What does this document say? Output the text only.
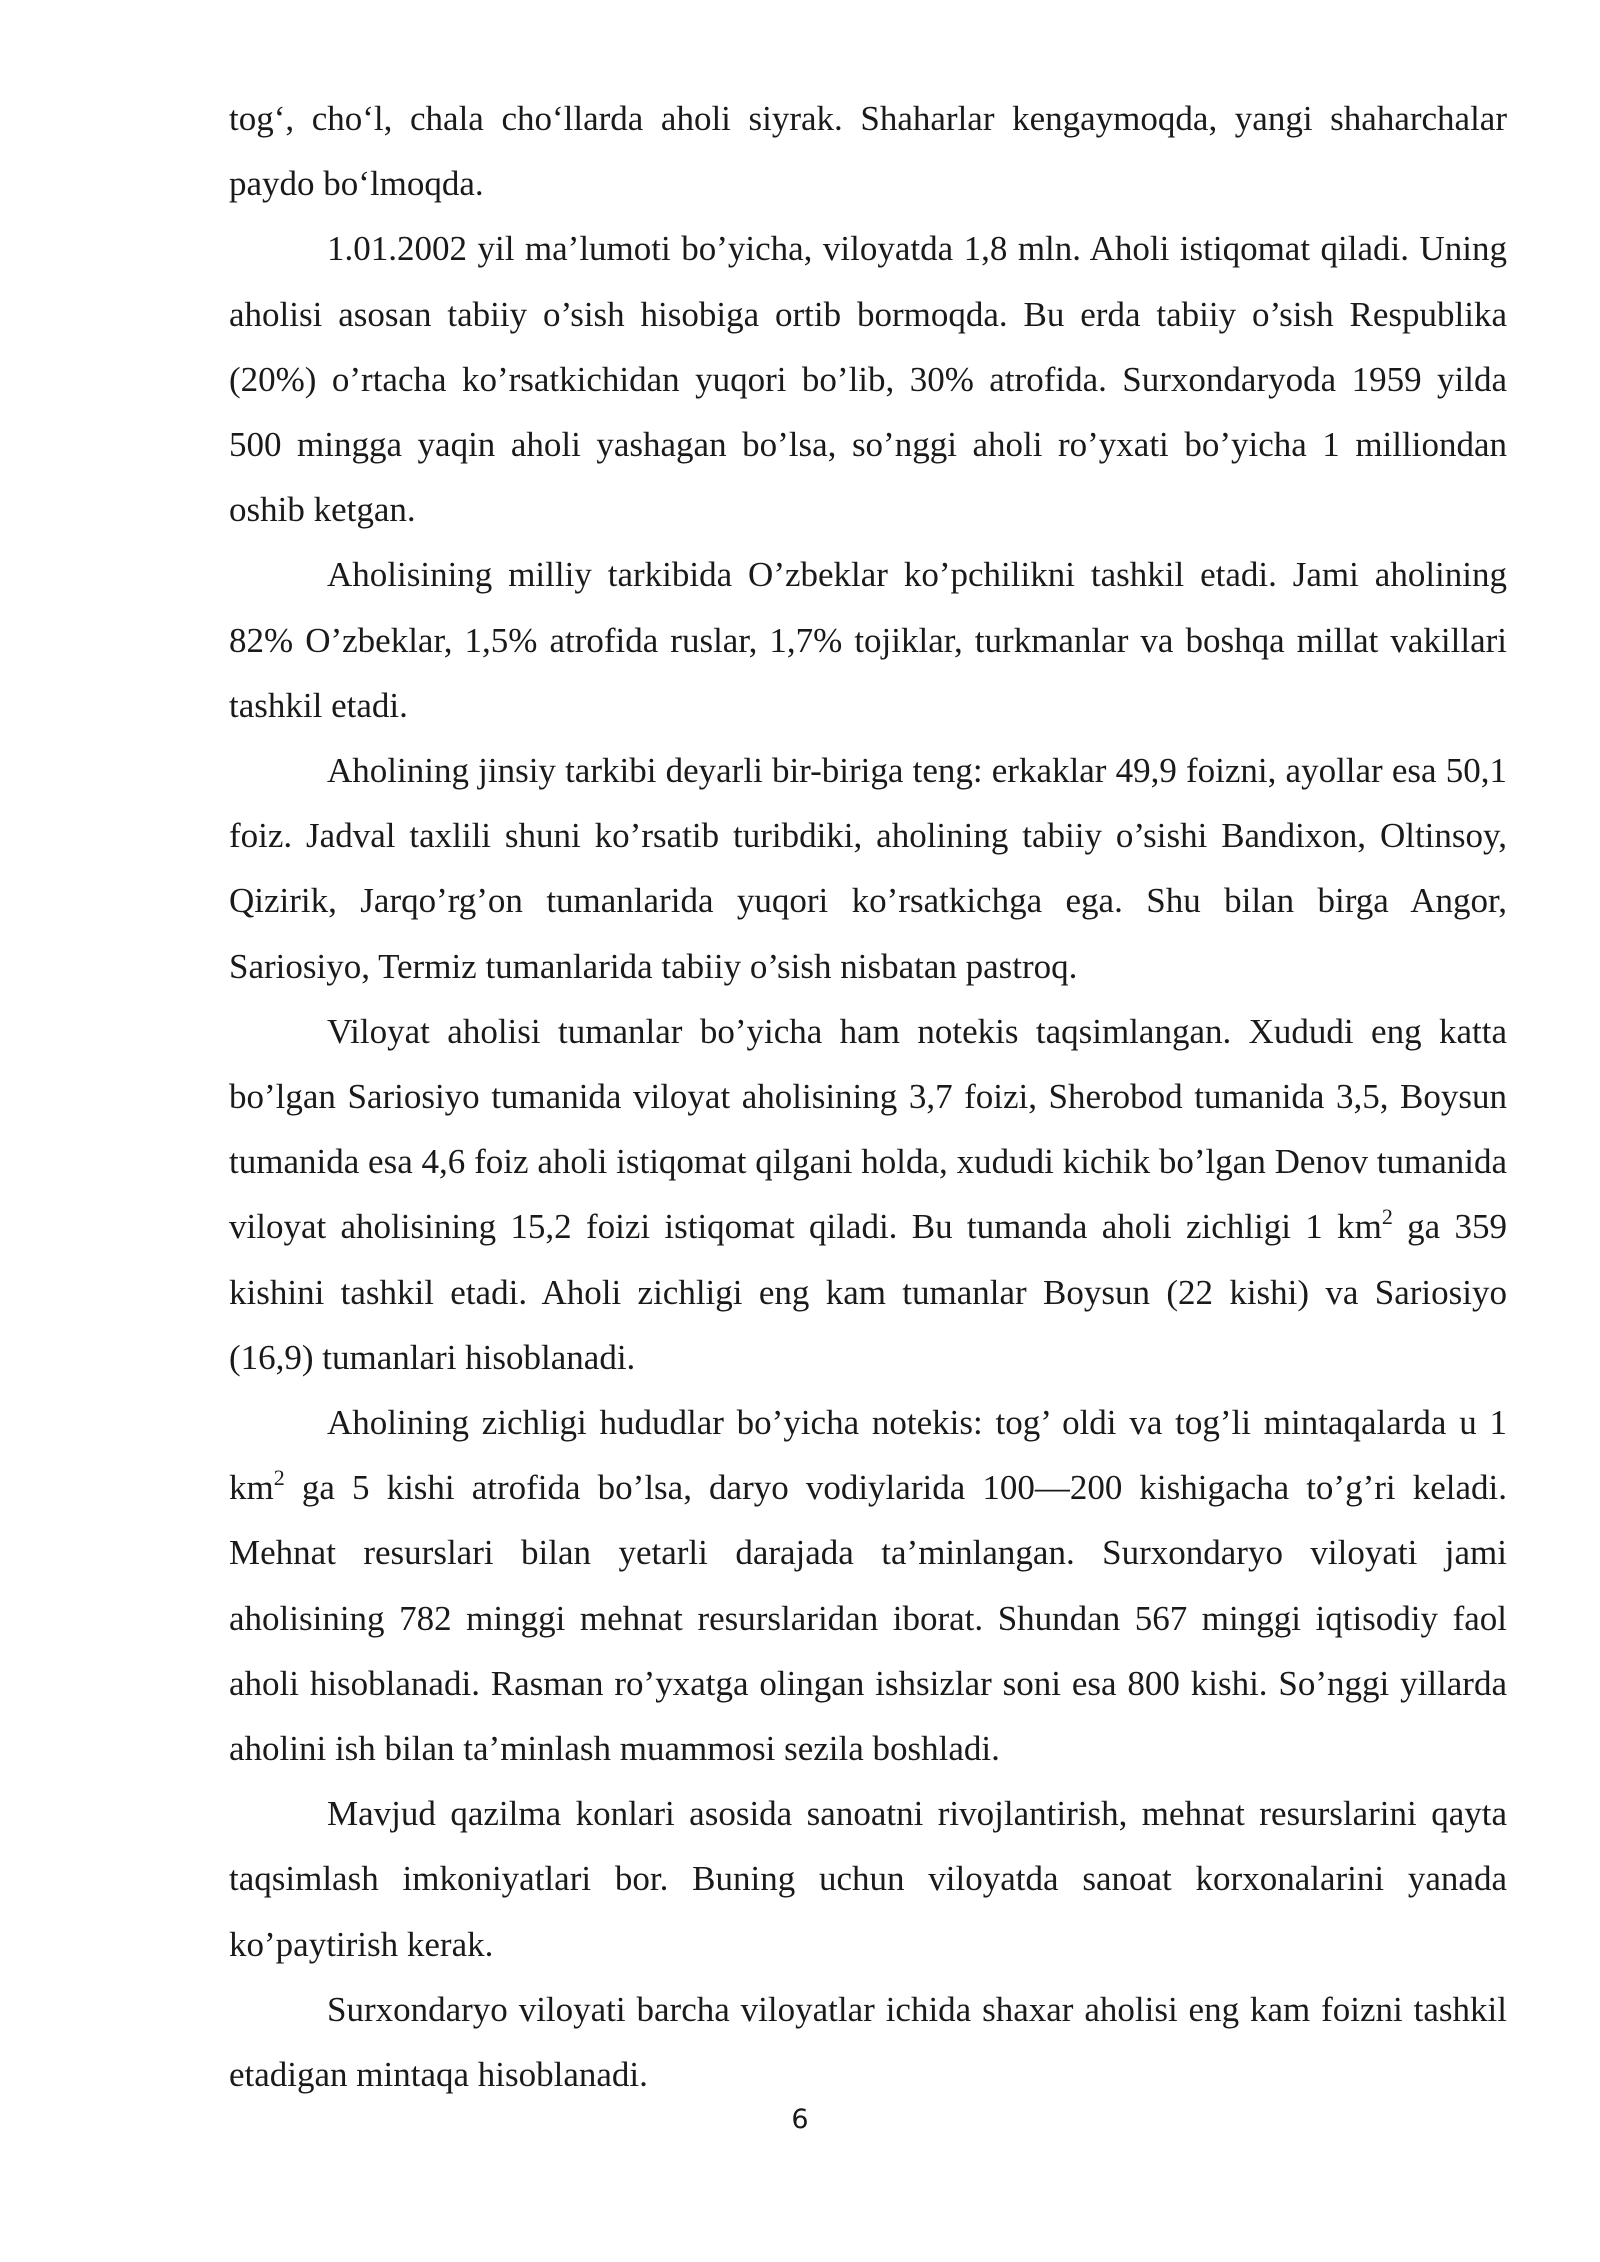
tog‘, cho‘l, chala cho‘llarda aholi siyrak. Shaharlar kengaymoqda, yangi shaharchalar paydo bo‘lmoqda.

1.01.2002 yil ma’lumoti bo’yicha, viloyatda 1,8 mln. Aholi istiqomat qiladi. Uning aholisi asosan tabiiy o’sish hisobiga ortib bormoqda. Bu erda tabiiy o’sish Respublika (20%) o’rtacha ko’rsatkichidan yuqori bo’lib, 30% atrofida. Surxondaryoda 1959 yilda 500 mingga yaqin aholi yashagan bo’lsa, so’nggi aholi ro’yxati bo’yicha 1 milliondan oshib ketgan.

Aholisining milliy tarkibida O’zbeklar ko’pchilikni tashkil etadi. Jami aholining 82% O’zbeklar, 1,5% atrofida ruslar, 1,7% tojiklar, turkmanlar va boshqa millat vakillari tashkil etadi.

Aholining jinsiy tarkibi deyarli bir-biriga teng: erkaklar 49,9 foizni, ayollar esa 50,1 foiz. Jadval taxlili shuni ko’rsatib turibdiki, aholining tabiiy o’sishi Bandixon, Oltinsoy, Qizirik, Jarqo’rg’on tumanlarida yuqori ko’rsatkichga ega. Shu bilan birga Angor, Sariosiyo, Termiz tumanlarida tabiiy o’sish nisbatan pastroq.

Viloyat aholisi tumanlar bo’yicha ham notekis taqsimlangan. Xududi eng katta bo’lgan Sariosiyo tumanida viloyat aholisining 3,7 foizi, Sherobod tumanida 3,5, Boysun tumanida esa 4,6 foiz aholi istiqomat qilgani holda, xududi kichik bo’lgan Denov tumanida viloyat aholisining 15,2 foizi istiqomat qiladi. Bu tumanda aholi zichligi 1 $km^2$ ga 359 kishini tashkil etadi. Aholi zichligi eng kam tumanlar Boysun (22 kishi) va Sariosiyo (16,9) tumanlari hisoblanadi.

Aholining zichligi hududlar bo’yicha notekis: tog’ oldi va tog’li mintaqalarda u 1 $km^2$ ga 5 kishi atrofida bo’lsa, daryo vodiylarida 100—200 kishigacha to’g’ri keladi. Mehnat resurslari bilan yetarli darajada ta’minlangan. Surxondaryo viloyati jami aholisining 782 minggi mehnat resurslaridan iborat. Shundan 567 minggi iqtisodiy faol aholi hisoblanadi. Rasman ro’yxatga olingan ishsizlar soni esa 800 kishi. So’nggi yillarda aholini ish bilan ta’minlash muammosi sezila boshladi.

Mavjud qazilma konlari asosida sanoatni rivojlantirish, mehnat resurslarini qayta taqsimlash imkoniyatlari bor. Buning uchun viloyatda sanoat korxonalarini yanada ko’paytirish kerak.

Surxondaryo viloyati barcha viloyatlar ichida shaxar aholisi eng kam foizni tashkil etadigan mintaqa hisoblanadi.

6
